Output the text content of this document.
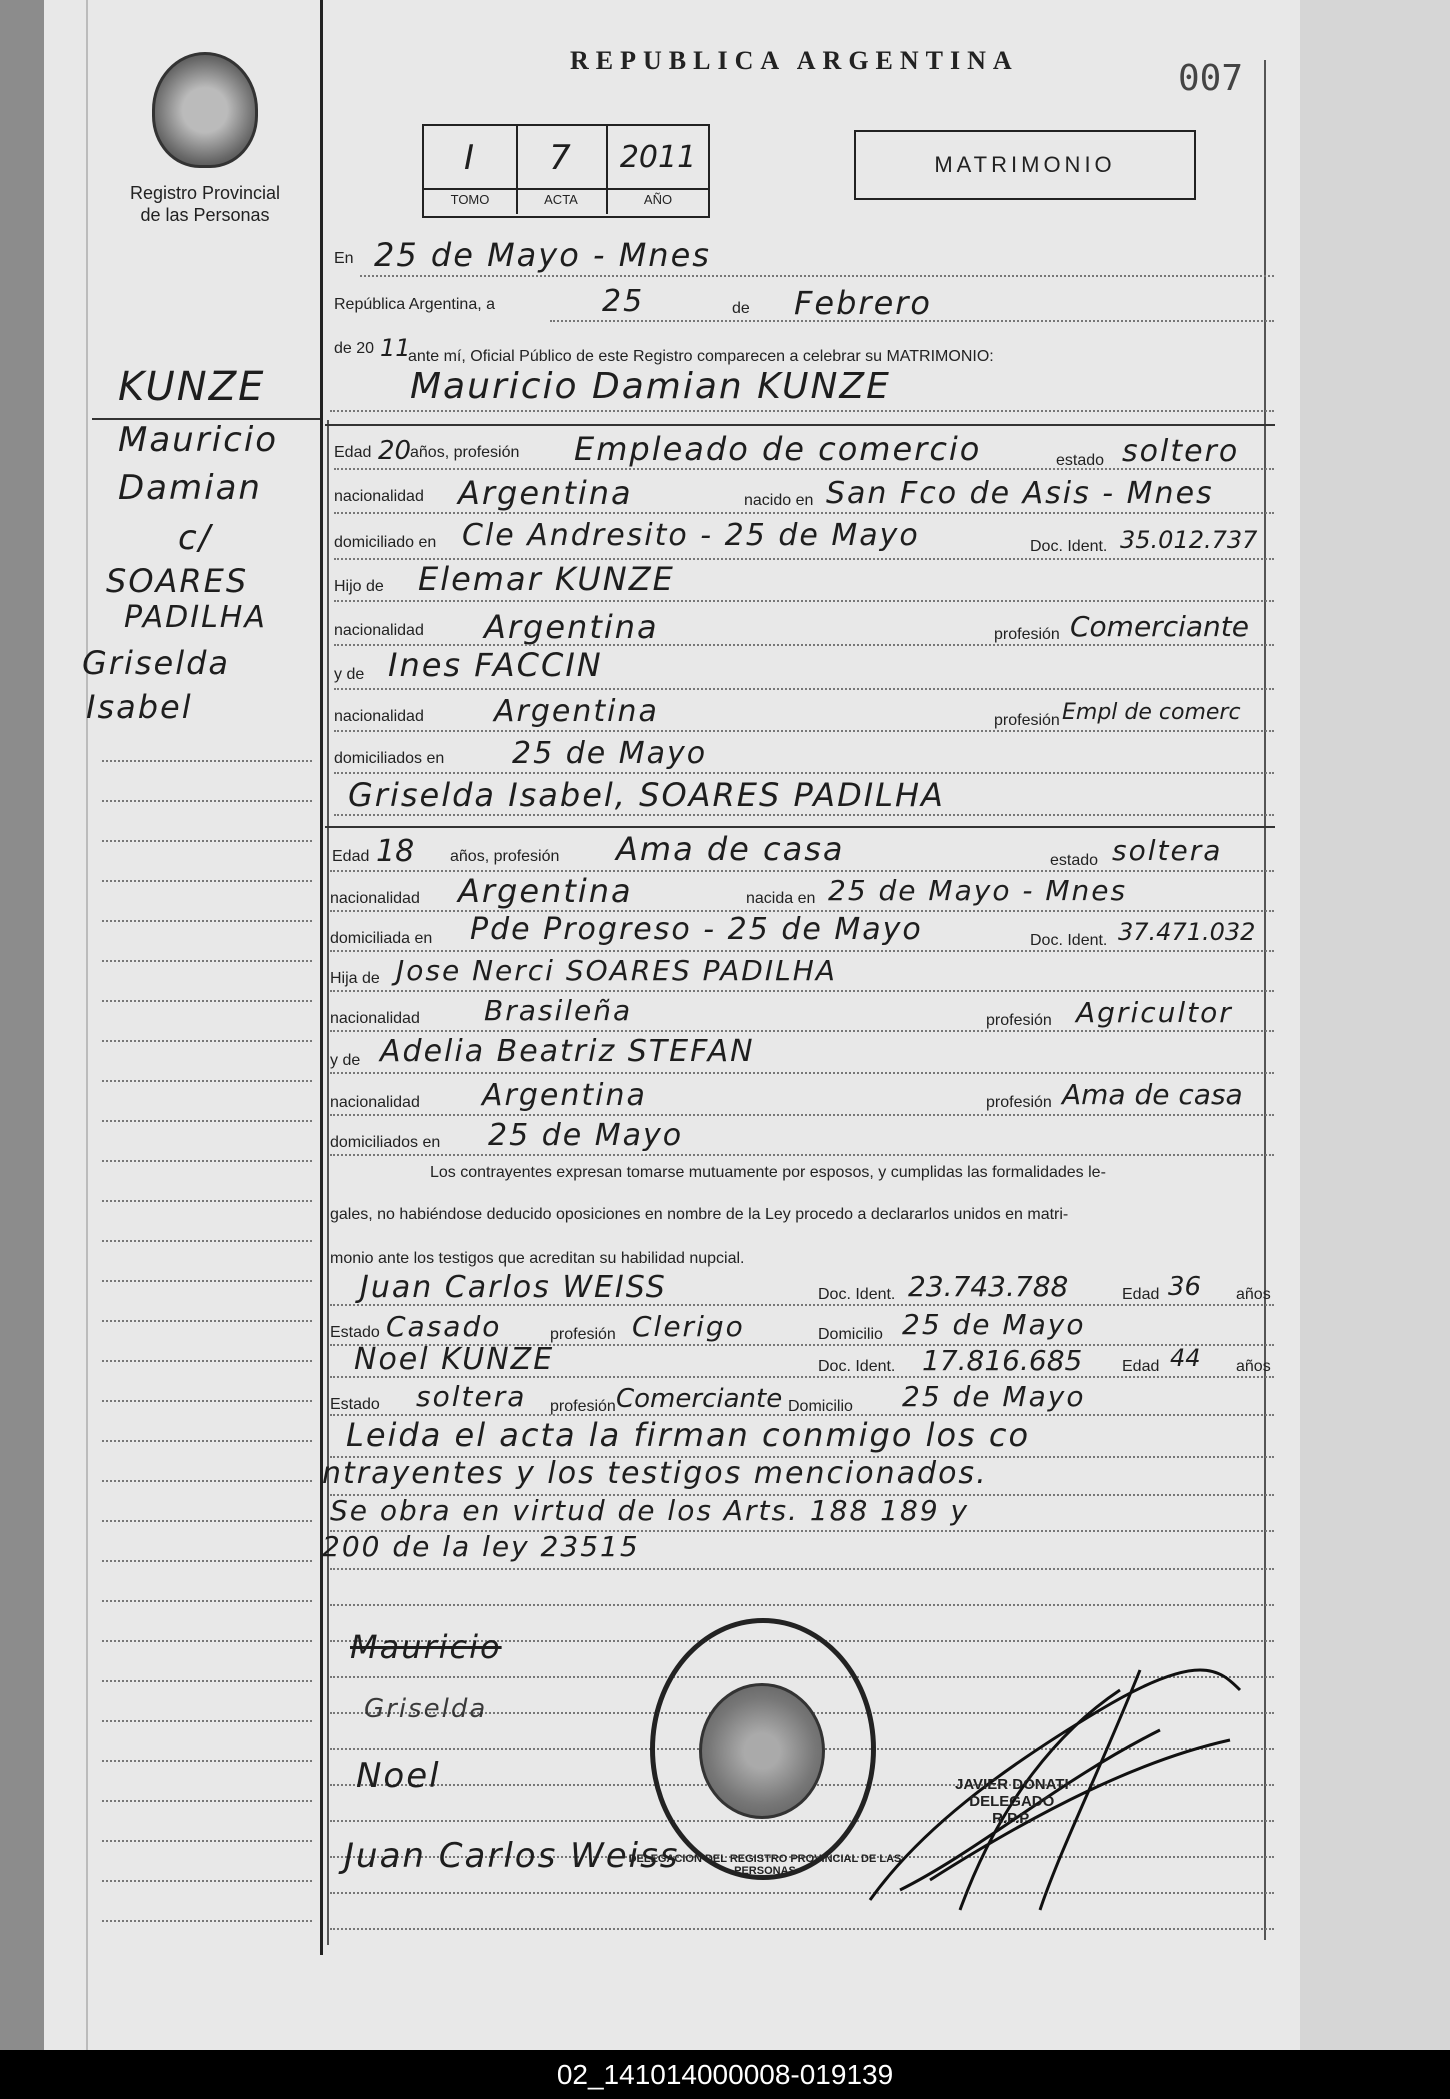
Registro Provincial
de las Personas
REPUBLICA ARGENTINA	007
I	7	2011
TOMO	ACTA	AÑO
MATRIMONIO
KUNZE
Mauricio
Damian
c/
SOARES
PADILHA
Griselda
Isabel
En 25 de Mayo - Mnes
República Argentina, a	25	de Febrero
de 20 11
ante mí, Oficial Público de este Registro comparecen a celebrar su MATRIMONIO:
Mauricio Damian KUNZE
Edad 20
años, profesión Empleado de comercio	estado soltero
nacionalidad Argentina	nacido en San Fco de Asis - Mnes
domiciliado en Cle Andresito - 25 de Mayo	Doc. Ident. 35.012.737
Hijo de Elemar KUNZE
nacionalidad Argentina	profesión Comerciante
y de Ines FACCIN
nacionalidad Argentina	profesión Empl de comerc
domiciliados en 25 de Mayo
Griselda Isabel, SOARES PADILHA
Edad 18 años, profesión Ama de casa	estado soltera
nacionalidad Argentina	nacida en 25 de Mayo - Mnes
domiciliada en Pde Progreso - 25 de Mayo	Doc. Ident. 37.471.032
Hija de Jose Nerci SOARES PADILHA
nacionalidad Brasileña	profesión Agricultor
y de Adelia Beatriz STEFAN
nacionalidad Argentina	profesión Ama de casa
domiciliados en 25 de Mayo
Los contrayentes expresan tomarse mutuamente por esposos, y cumplidas las formalidades le-
gales, no habiéndose deducido oposiciones en nombre de la Ley procedo a declararlos unidos en matri-
monio ante los testigos que acreditan su habilidad nupcial.
Juan Carlos WEISS	Doc. Ident. 23.743.788	Edad 36 años
Estado Casado	profesión Clerigo	Domicilio 25 de Mayo
Noel KUNZE	Doc. Ident. 17.816.685 Edad 44 años
Estado soltera profesión Comerciante Domicilio 25 de Mayo
Leida el acta la firman conmigo los co
ntrayentes y los testigos mencionados.
Se obra en virtud de los Arts. 188 189 y
200 de la ley 23515
Mauricio
Griselda
Noel
Juan Carlos Weiss
DELEGACION DEL REGISTRO PROVINCIAL DE LAS PERSONAS
JAVIER DONATI
DELEGADO
R.P.P.
02_141014000008-019139
